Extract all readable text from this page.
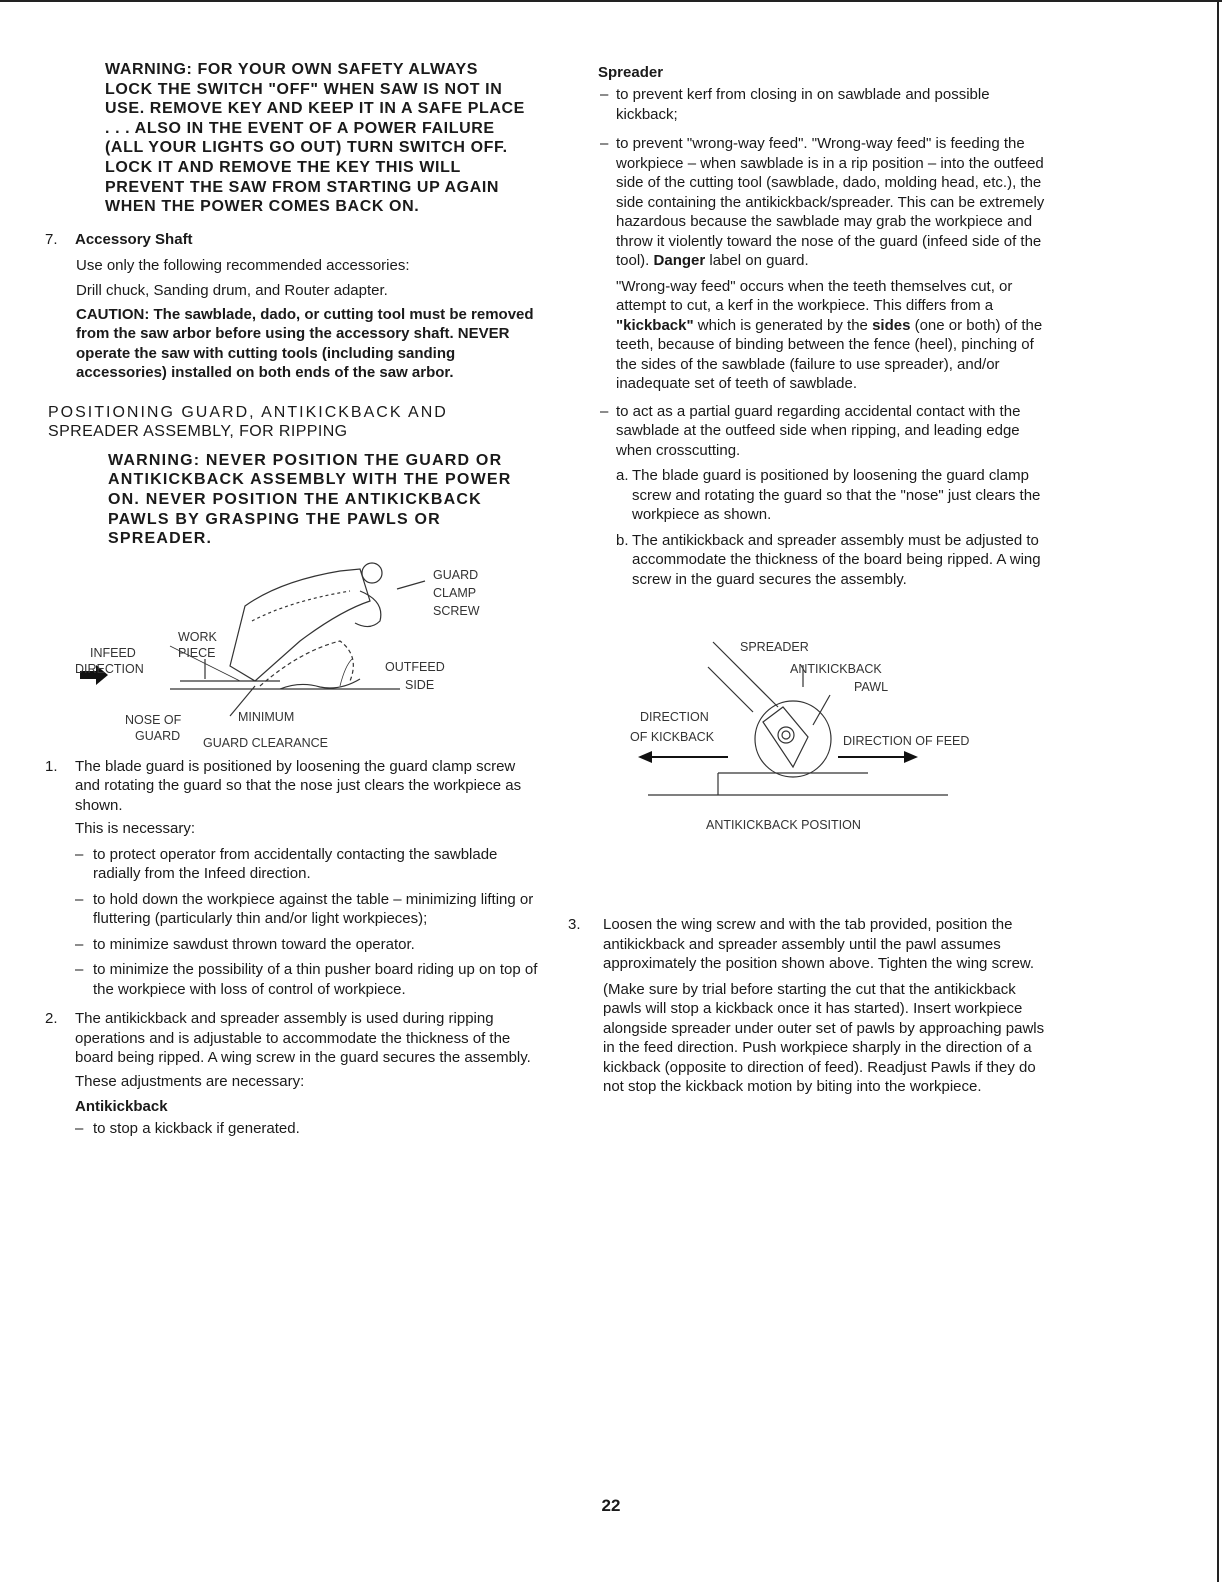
WARNING: FOR YOUR OWN SAFETY ALWAYS LOCK THE SWITCH "OFF" WHEN SAW IS NOT IN USE. REMOVE KEY AND KEEP IT IN A SAFE PLACE . . . ALSO IN THE EVENT OF A POWER FAILURE (ALL YOUR LIGHTS GO OUT) TURN SWITCH OFF. LOCK IT AND REMOVE THE KEY THIS WILL PREVENT THE SAW FROM STARTING UP AGAIN WHEN THE POWER COMES BACK ON.

7. Accessory Shaft

Use only the following recommended accessories:

Drill chuck, Sanding drum, and Router adapter.

CAUTION: The sawblade, dado, or cutting tool must be removed from the saw arbor before using the accessory shaft. NEVER operate the saw with cutting tools (including sanding accessories) installed on both ends of the saw arbor.

POSITIONING GUARD, ANTIKICKBACK AND
SPREADER ASSEMBLY, FOR RIPPING

WARNING: NEVER POSITION THE GUARD OR ANTIKICKBACK ASSEMBLY WITH THE POWER ON. NEVER POSITION THE ANTIKICKBACK PAWLS BY GRASPING THE PAWLS OR SPREADER.

GUARD
CLAMP
SCREW
WORK
PIECE
INFEED
DIRECTION	OUTFEED
SIDE
NOSE OF
GUARD
MINIMUM
GUARD CLEARANCE
1. The blade guard is positioned by loosening the guard clamp screw and rotating the guard so that the nose just clears the workpiece as shown.

This is necessary:

– to protect operator from accidentally contacting the sawblade radially from the Infeed direction.
– to hold down the workpiece against the table – minimizing lifting or fluttering (particularly thin and/or light workpieces);
– to minimize sawdust thrown toward the operator.
– to minimize the possibility of a thin pusher board riding up on top of the workpiece with loss of control of workpiece.
2. The antikickback and spreader assembly is used during ripping operations and is adjustable to accommodate the thickness of the board being ripped. A wing screw in the guard secures the assembly.

These adjustments are necessary:

Antikickback
– to stop a kickback if generated.
Spreader
– to prevent kerf from closing in on sawblade and possible kickback;
– to prevent "wrong-way feed". "Wrong-way feed" is feeding the workpiece – when sawblade is in a rip position – into the outfeed side of the cutting tool (sawblade, dado, molding head, etc.), the side containing the antikickback/spreader. This can be extremely hazardous because the sawblade may grab the workpiece and throw it violently toward the nose of the guard (infeed side of the tool). Danger label on guard.

"Wrong-way feed" occurs when the teeth themselves cut, or attempt to cut, a kerf in the workpiece. This differs from a "kickback" which is generated by the sides (one or both) of the teeth, because of binding between the fence (heel), pinching of the sides of the sawblade (failure to use spreader), and/or inadequate set of teeth of sawblade.

– to act as a partial guard regarding accidental contact with the sawblade at the outfeed side when ripping, and leading edge when crosscutting.
a. The blade guard is positioned by loosening the guard clamp screw and rotating the guard so that the "nose" just clears the workpiece as shown.
b. The antikickback and spreader assembly must be adjusted to accommodate the thickness of the board being ripped. A wing screw in the guard secures the assembly.
SPREADER
ANTIKICKBACK
PAWL
DIRECTION
OF KICKBACK	DIRECTION OF FEED
ANTIKICKBACK POSITION
3. Loosen the wing screw and with the tab provided, position the antikickback and spreader assembly until the pawl assumes approximately the position shown above. Tighten the wing screw.

(Make sure by trial before starting the cut that the antikickback pawls will stop a kickback once it has started). Insert workpiece alongside spreader under outer set of pawls by approaching pawls in the feed direction. Push workpiece sharply in the direction of a kickback (opposite to direction of feed). Readjust Pawls if they do not stop the kickback motion by biting into the workpiece.

22
